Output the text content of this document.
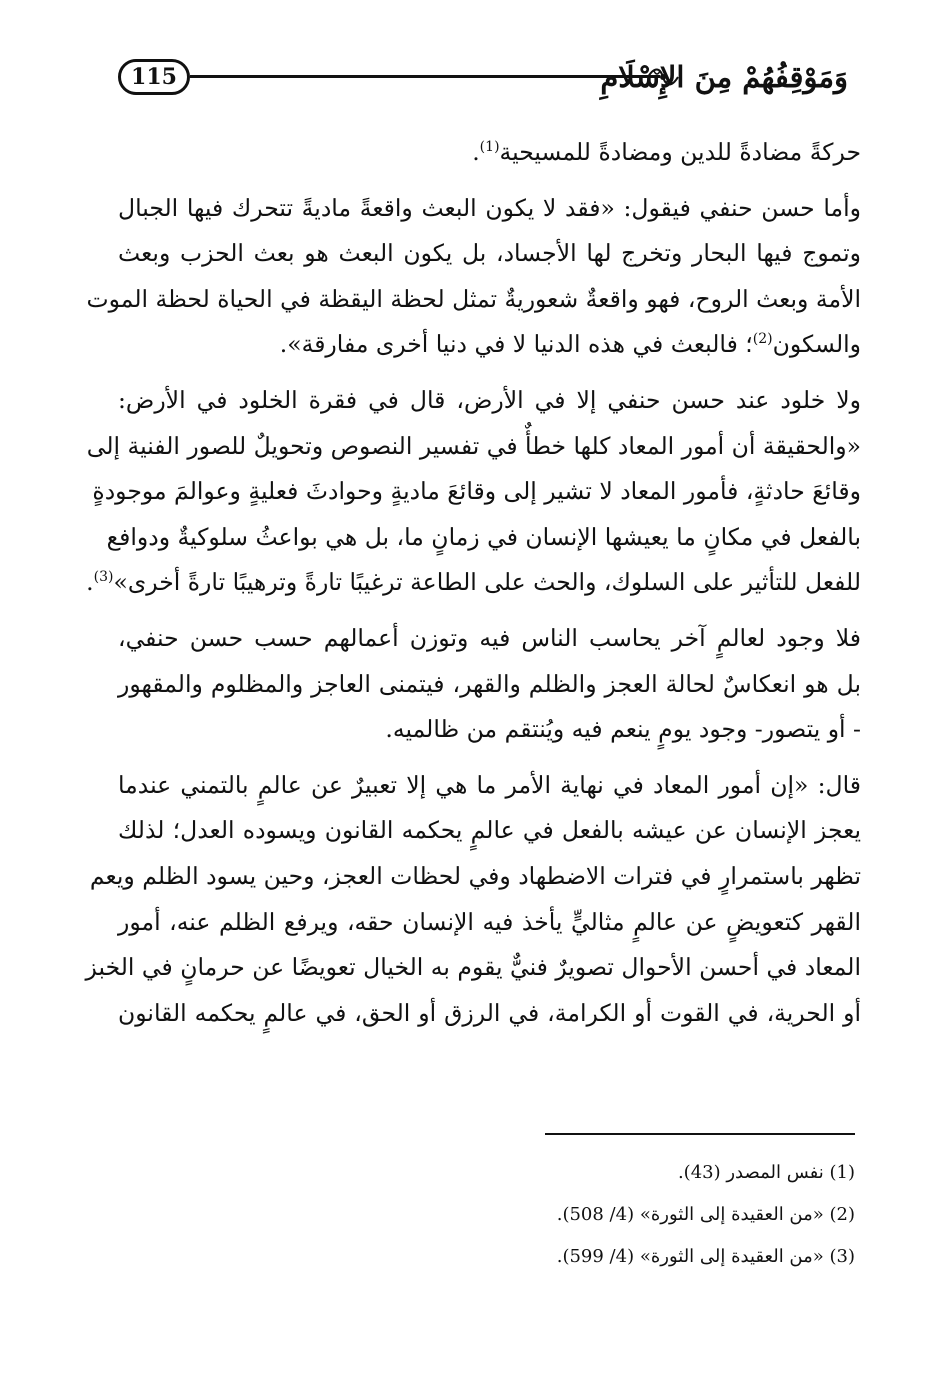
115	وَمَوْقِفُهُمْ مِنَ الإِسْلَامِ
حركةً مضادةً للدين ومضادةً للمسيحية$^{(1)}$.
وأما حسن حنفي فيقول: «فقد لا يكون البعث واقعةً ماديةً تتحرك فيها الجبال
وتموج فيها البحار وتخرج لها الأجساد، بل يكون البعث هو بعث الحزب وبعث
الأمة وبعث الروح، فهو واقعةٌ شعوريةٌ تمثل لحظة اليقظة في الحياة لحظة الموت
والسكون$^{(2)}$؛ فالبعث في هذه الدنيا لا في دنيا أخرى مفارقة».
ولا خلود عند حسن حنفي إلا في الأرض، قال في فقرة الخلود في الأرض:
«والحقيقة أن أمور المعاد كلها خطأٌ في تفسير النصوص وتحويلٌ للصور الفنية إلى
وقائعَ حادثةٍ، فأمور المعاد لا تشير إلى وقائعَ ماديةٍ وحوادثَ فعليةٍ وعوالمَ موجودةٍ
بالفعل في مكانٍ ما يعيشها الإنسان في زمانٍ ما، بل هي بواعثُ سلوكيةٌ ودوافع
للفعل للتأثير على السلوك، والحث على الطاعة ترغيبًا تارةً وترهيبًا تارةً أخرى»$^{(3)}$.
فلا وجود لعالمٍ آخر يحاسب الناس فيه وتوزن أعمالهم حسب حسن حنفي،
بل هو انعكاسٌ لحالة العجز والظلم والقهر، فيتمنى العاجز والمظلوم والمقهور
- أو يتصور- وجود يومٍ ينعم فيه ويُنتقم من ظالميه.
قال: «إن أمور المعاد في نهاية الأمر ما هي إلا تعبيرٌ عن عالمٍ بالتمني عندما
يعجز الإنسان عن عيشه بالفعل في عالمٍ يحكمه القانون ويسوده العدل؛ لذلك
تظهر باستمرارٍ في فترات الاضطهاد وفي لحظات العجز، وحين يسود الظلم ويعم
القهر كتعويضٍ عن عالمٍ مثاليٍّ يأخذ فيه الإنسان حقه، ويرفع الظلم عنه، أمور
المعاد في أحسن الأحوال تصويرٌ فنيٌّ يقوم به الخيال تعويضًا عن حرمانٍ في الخبز
أو الحرية، في القوت أو الكرامة، في الرزق أو الحق، في عالمٍ يحكمه القانون
(1) نفس المصدر (43).
(2) «من العقيدة إلى الثورة» (4/ 508).
(3) «من العقيدة إلى الثورة» (4/ 599).
